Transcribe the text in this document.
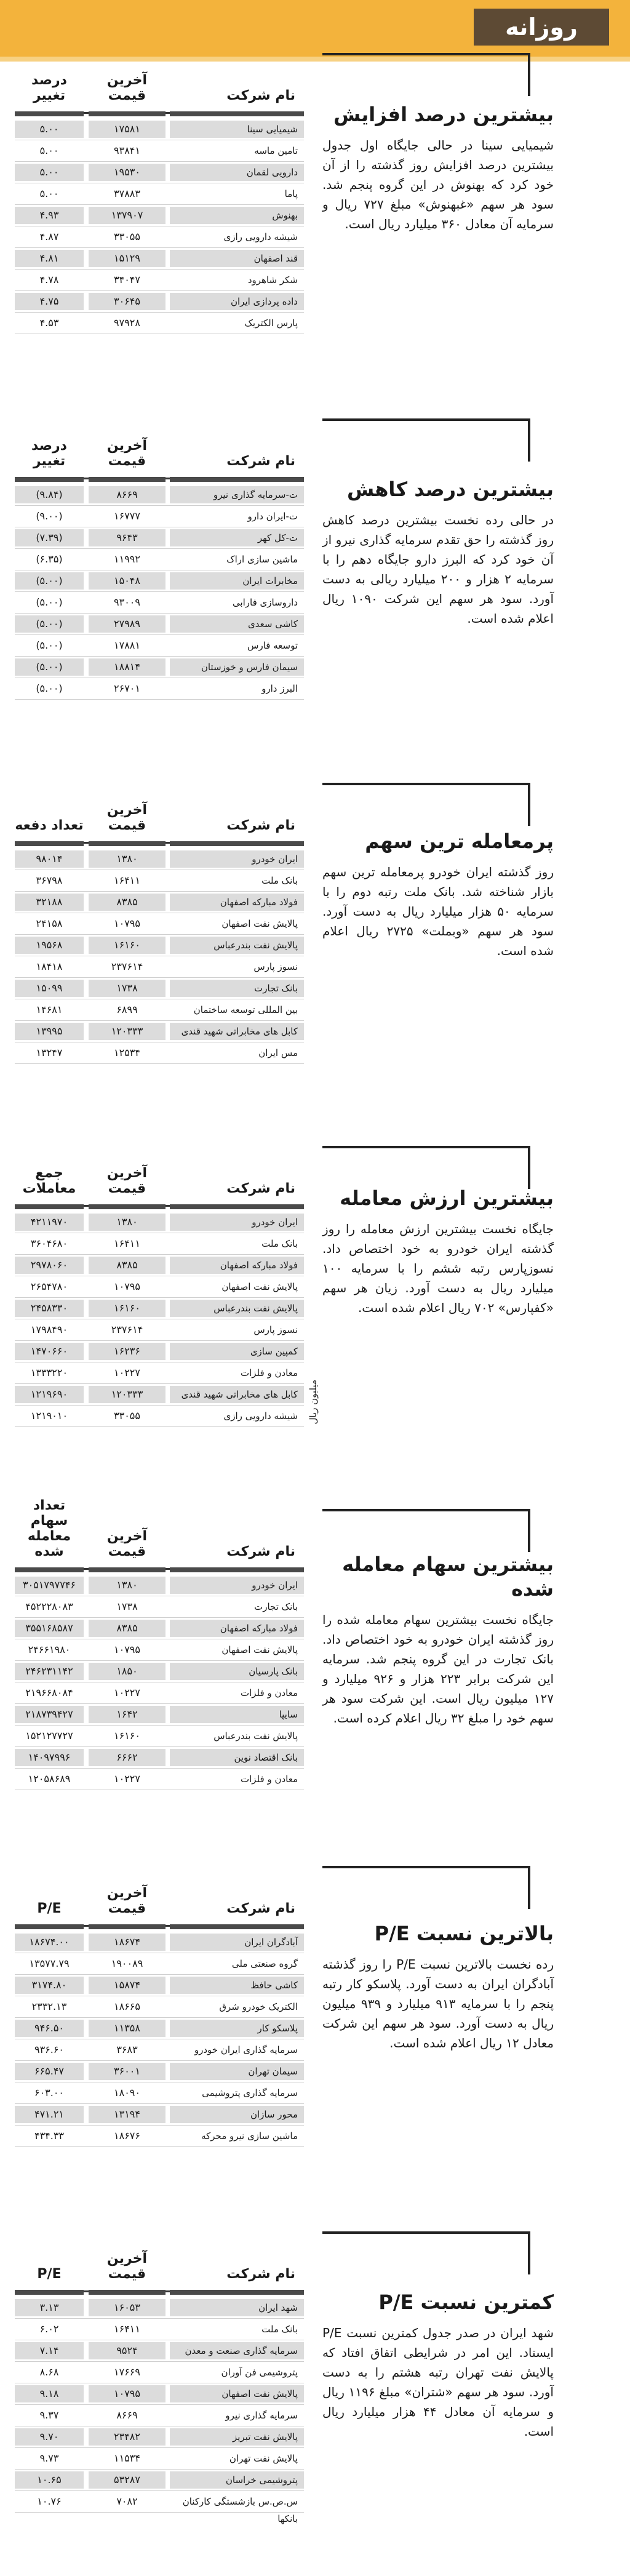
روزانه
نام شرکت
آخرین قیمت
درصد تغییر
شیمیایی سینا
۱۷۵۸۱
۵.۰۰
تامین ماسه
۹۳۸۴۱
۵.۰۰
دارویی لقمان
۱۹۵۳۰
۵.۰۰
پاما
۳۷۸۸۳
۵.۰۰
بهنوش
۱۳۷۹۰۷
۴.۹۳
شیشه دارویی رازی
۳۳۰۵۵
۴.۸۷
قند اصفهان
۱۵۱۲۹
۴.۸۱
شکر شاهرود
۳۴۰۴۷
۴.۷۸
داده پردازی ایران
۳۰۶۴۵
۴.۷۵
پارس الکتریک
۹۷۹۲۸
۴.۵۳
بیشترین درصد افزایش

شیمیایی سینا در حالی جایگاه اول جدول بیشترین درصد افزایش روز گذشته را از آن خود کرد که بهنوش در این گروه پنجم شد. سود هر سهم «غبهنوش» مبلغ ۷۲۷ ریال و سرمایه آن معادل ۳۶۰ میلیارد ریال است.

نام شرکت
آخرین قیمت
درصد تغییر
ت-سرمایه گذاری نیرو
۸۶۶۹
(۹.۸۴)
ت-ایران دارو
۱۶۷۷۷
(۹.۰۰)
ت-کل کهر
۹۶۴۳
(۷.۳۹)
ماشین سازی اراک
۱۱۹۹۲
(۶.۳۵)
مخابرات ایران
۱۵۰۴۸
(۵.۰۰)
داروسازی فارابی
۹۳۰۰۹
(۵.۰۰)
کاشی سعدی
۲۷۹۸۹
(۵.۰۰)
توسعه فارس
۱۷۸۸۱
(۵.۰۰)
سیمان فارس و خوزستان
۱۸۸۱۴
(۵.۰۰)
البرز دارو
۲۶۷۰۱
(۵.۰۰)
بیشترین درصد کاهش

در حالی رده نخست بیشترین درصد کاهش روز گذشته را حق تقدم سرمایه گذاری نیرو از آن خود کرد که البرز دارو جایگاه دهم را با سرمایه ۲ هزار و ۲۰۰ میلیارد ریالی به دست آورد. سود هر سهم این شرکت ۱۰۹۰ ریال اعلام شده است.

نام شرکت
آخرین قیمت
تعداد دفعه
ایران خودرو
۱۳۸۰
۹۸۰۱۴
بانک ملت
۱۶۴۱۱
۳۶۷۹۸
فولاد مبارکه اصفهان
۸۳۸۵
۳۲۱۸۸
پالایش نفت اصفهان
۱۰۷۹۵
۲۴۱۵۸
پالایش نفت بندرعباس
۱۶۱۶۰
۱۹۵۶۸
نسوز پارس
۲۳۷۶۱۴
۱۸۴۱۸
بانک تجارت
۱۷۳۸
۱۵۰۹۹
بین المللی توسعه ساختمان
۶۸۹۹
۱۴۶۸۱
کابل های مخابراتی شهید قندی
۱۲۰۳۳۳
۱۳۹۹۵
مس ایران
۱۲۵۳۴
۱۳۲۴۷
پرمعامله ترین سهم

روز گذشته ایران خودرو پرمعامله ترین سهم بازار شناخته شد. بانک ملت رتبه دوم را با سرمایه ۵۰ هزار میلیارد ریال به دست آورد. سود هر سهم «وبملت» ۲۷۲۵ ریال اعلام شده است.

نام شرکت
آخرین قیمت
جمع معاملات
ایران خودرو
۱۳۸۰
۴۲۱۱۹۷۰
بانک ملت
۱۶۴۱۱
۳۶۰۴۶۸۰
فولاد مبارکه اصفهان
۸۳۸۵
۲۹۷۸۰۶۰
پالایش نفت اصفهان
۱۰۷۹۵
۲۶۵۴۷۸۰
پالایش نفت بندرعباس
۱۶۱۶۰
۲۴۵۸۳۳۰
نسوز پارس
۲۳۷۶۱۴
۱۷۹۸۴۹۰
کمپین سازی
۱۶۲۳۶
۱۴۷۰۶۶۰
معادن و فلزات
۱۰۲۲۷
۱۳۳۳۲۲۰
کابل های مخابراتی شهید قندی
۱۲۰۳۳۳
۱۲۱۹۶۹۰
شیشه دارویی رازی
۳۳۰۵۵
۱۲۱۹۰۱۰	میلیون ریال
بیشترین ارزش معامله

جایگاه نخست بیشترین ارزش معامله را روز گذشته ایران خودرو به خود اختصاص داد. نسوزپارس رتبه ششم را با سرمایه ۱۰۰ میلیارد ریال به دست آورد. زیان هر سهم «کفپارس» ۷۰۲ ریال اعلام شده است.

نام شرکت
آخرین قیمت
تعداد سهام معامله شده
ایران خودرو
۱۳۸۰
۳۰۵۱۷۹۷۷۴۶
بانک تجارت
۱۷۳۸
۴۵۲۲۲۸۰۸۳
فولاد مبارکه اصفهان
۸۳۸۵
۳۵۵۱۶۸۵۸۷
پالایش نفت اصفهان
۱۰۷۹۵
۲۴۶۶۱۹۸۰
بانک پارسیان
۱۸۵۰
۲۴۶۲۳۱۱۴۲
معادن و فلزات
۱۰۲۲۷
۲۱۹۶۶۸۰۸۴
سایپا
۱۶۴۲
۲۱۸۷۳۹۴۲۷
پالایش نفت بندرعباس
۱۶۱۶۰
۱۵۲۱۲۷۷۲۷
بانک اقتصاد نوین
۶۶۶۲
۱۴۰۹۷۹۹۶
معادن و فلزات
۱۰۲۲۷
۱۲۰۵۸۶۸۹
بیشترین سهام معامله شده

جایگاه نخست بیشترین سهام معامله شده را روز گذشته ایران خودرو به خود اختصاص داد. بانک تجارت در این گروه پنجم شد. سرمایه این شرکت برابر ۲۲۳ هزار و ۹۲۶ میلیارد و ۱۲۷ میلیون ریال است. این شرکت سود هر سهم خود را مبلغ ۳۲ ریال اعلام کرده است.

نام شرکت
آخرین قیمت
P/E
آبادگران ایران
۱۸۶۷۴
۱۸۶۷۴.۰۰
گروه صنعتی ملی
۱۹۰۰۸۹
۱۳۵۷۷.۷۹
کاشی حافظ
۱۵۸۷۴
۳۱۷۴.۸۰
الکتریک خودرو شرق
۱۸۶۶۵
۲۳۳۲.۱۳
پلاسکو کار
۱۱۳۵۸
۹۴۶.۵۰
سرمایه گذاری ایران خودرو
۳۶۸۳
۹۳۶.۶۰
سیمان تهران
۳۶۰۰۱
۶۶۵.۴۷
سرمایه گذاری پتروشیمی
۱۸۰۹۰
۶۰۳.۰۰
محور سازان
۱۳۱۹۴
۴۷۱.۲۱
ماشین سازی نیرو محرکه
۱۸۶۷۶
۴۳۴.۳۳
بالاترین نسبت P/E

رده نخست بالاترین نسبت P/E را روز گذشته آبادگران ایران به دست آورد. پلاسکو کار رتبه پنجم را با سرمایه ۹۱۳ میلیارد و ۹۳۹ میلیون ریال به دست آورد. سود هر سهم این شرکت معادل ۱۲ ریال اعلام شده است.

نام شرکت
آخرین قیمت
P/E
شهد ایران
۱۶۰۵۳
۳.۱۳
بانک ملت
۱۶۴۱۱
۶.۰۲
سرمایه گذاری صنعت و معدن
۹۵۲۴
۷.۱۴
پتروشیمی فن آوران
۱۷۶۶۹
۸.۶۸
پالایش نفت اصفهان
۱۰۷۹۵
۹.۱۸
سرمایه گذاری نیرو
۸۶۶۹
۹.۳۷
پالایش نفت تبریز
۲۳۴۸۲
۹.۷۰
پالایش نفت تهران
۱۱۵۳۴
۹.۷۳
پتروشیمی خراسان
۵۳۲۸۷
۱۰.۶۵
س.ص.س بازشستگی کارکنان بانکها
۷۰۸۲
۱۰.۷۶
کمترین نسبت P/E

شهد ایران در صدر جدول کمترین نسبت P/E ایستاد. این امر در شرایطی اتفاق افتاد که پالایش نفت تهران رتبه هشتم را به دست آورد. سود هر سهم «شتران» مبلغ ۱۱۹۶ ریال و سرمایه آن معادل ۴۴ هزار میلیارد ریال است.
